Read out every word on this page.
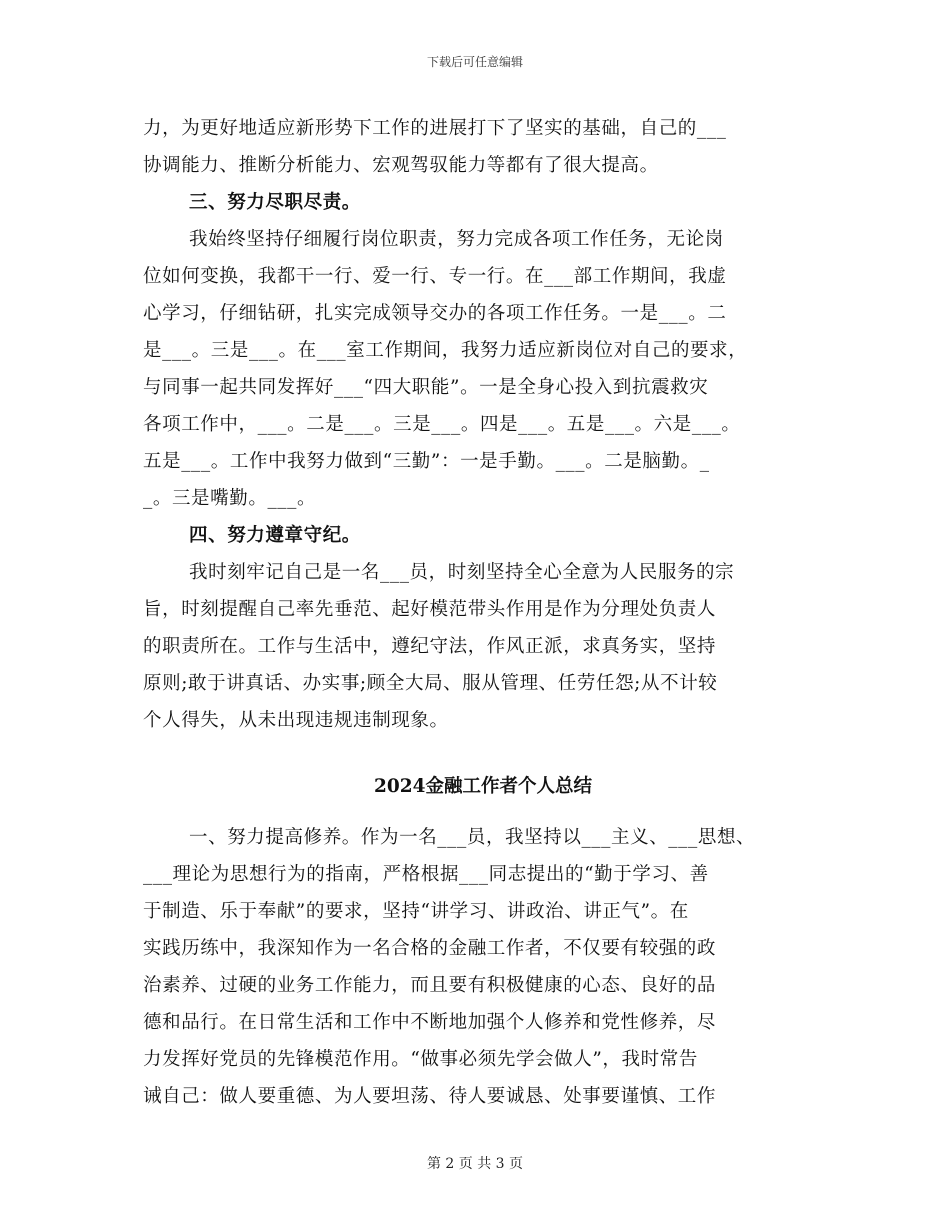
下载后可任意编辑
力，为更好地适应新形势下工作的进展打下了坚实的基础，自己的___
协调能力、推断分析能力、宏观驾驭能力等都有了很大提高。
三、努力尽职尽责。
我始终坚持仔细履行岗位职责，努力完成各项工作任务，无论岗
位如何变换，我都干一行、爱一行、专一行。在___部工作期间，我虚
心学习，仔细钻研，扎实完成领导交办的各项工作任务。一是___。二
是___。三是___。在___室工作期间，我努力适应新岗位对自己的要求，
与同事一起共同发挥好___“四大职能”。一是全身心投入到抗震救灾
各项工作中，___。二是___。三是___。四是___。五是___。六是___。
五是___。工作中我努力做到“三勤”：一是手勤。___。二是脑勤。_
_。三是嘴勤。___。
四、努力遵章守纪。
我时刻牢记自己是一名___员，时刻坚持全心全意为人民服务的宗
旨，时刻提醒自己率先垂范、起好模范带头作用是作为分理处负责人
的职责所在。工作与生活中，遵纪守法，作风正派，求真务实，坚持
原则;敢于讲真话、办实事;顾全大局、服从管理、任劳任怨;从不计较
个人得失，从未出现违规违制现象。
2024金融工作者个人总结
一、努力提高修养。作为一名___员，我坚持以___主义、___思想、
___理论为思想行为的指南，严格根据___同志提出的“勤于学习、善
于制造、乐于奉献”的要求，坚持“讲学习、讲政治、讲正气”。在
实践历练中，我深知作为一名合格的金融工作者，不仅要有较强的政
治素养、过硬的业务工作能力，而且要有积极健康的心态、良好的品
德和品行。在日常生活和工作中不断地加强个人修养和党性修养，尽
力发挥好党员的先锋模范作用。“做事必须先学会做人”，我时常告
诫自己：做人要重德、为人要坦荡、待人要诚恳、处事要谨慎、工作
第 2 页 共 3 页
